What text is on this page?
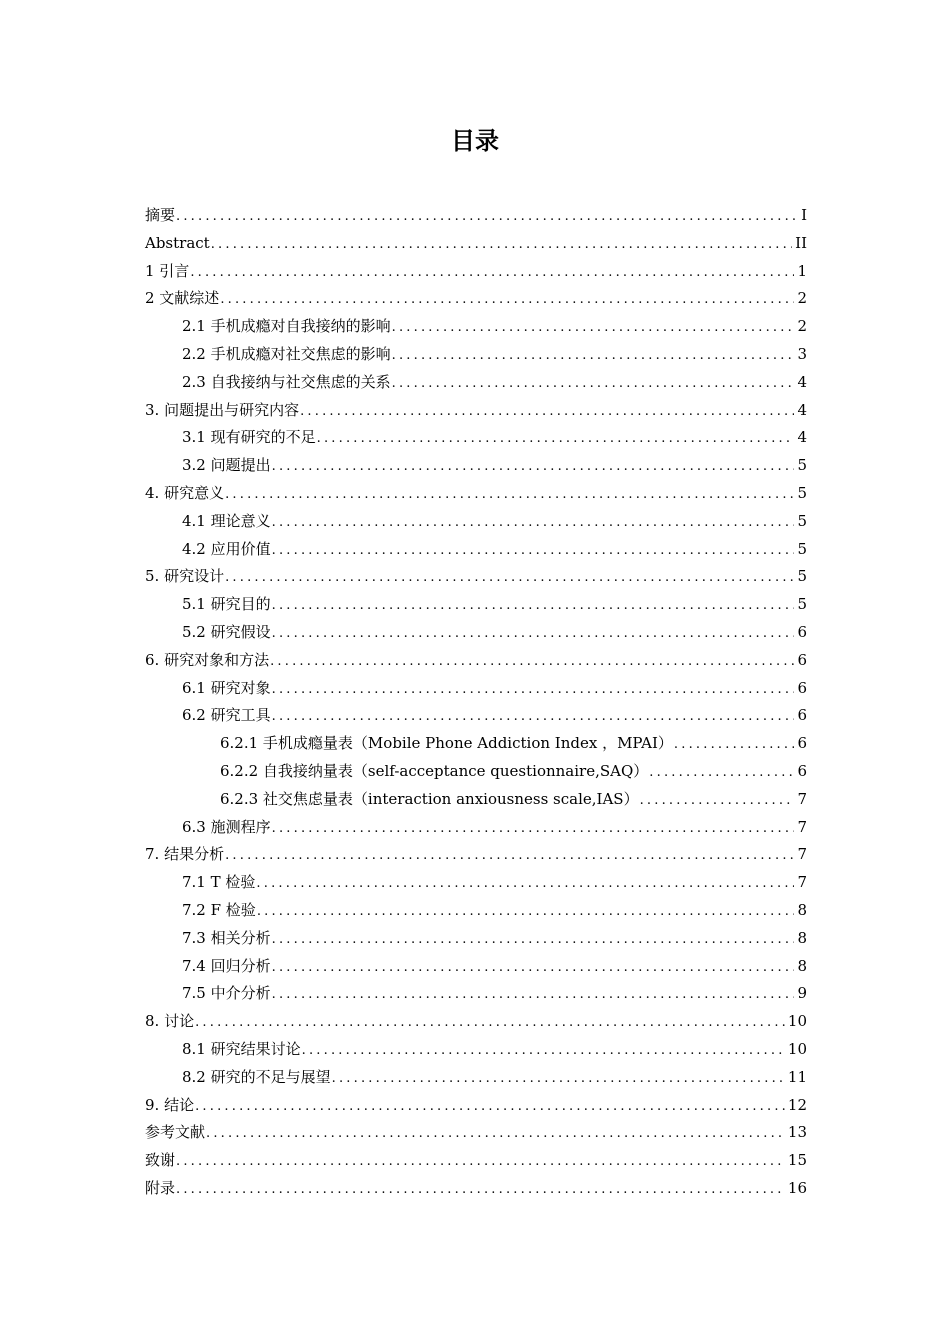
目录
摘要 .....	I
Abstract .....	II
1 引言 .....	1
2 文献综述 .....	2
2.1 手机成瘾对自我接纳的影响 .....	2
2.2 手机成瘾对社交焦虑的影响 .....	3
2.3 自我接纳与社交焦虑的关系 .....	4
3. 问题提出与研究内容 .....	4
3.1 现有研究的不足 .....	4
3.2 问题提出 .....	5
4. 研究意义 .....	5
4.1 理论意义 .....	5
4.2 应用价值 .....	5
5. 研究设计 .....	5
5.1 研究目的 .....	5
5.2 研究假设 .....	6
6. 研究对象和方法 .....	6
6.1 研究对象 .....	6
6.2 研究工具 .....	6
6.2.1 手机成瘾量表（Mobile Phone Addiction Index ，MPAI） .....	6
6.2.2 自我接纳量表（self-acceptance questionnaire,SAQ） .....	6
6.2.3 社交焦虑量表（interaction anxiousness scale,IAS） .....	7
6.3 施测程序 .....	7
7. 结果分析 .....	7
7.1 T 检验 .....	7
7.2 F 检验 .....	8
7.3 相关分析 .....	8
7.4 回归分析 .....	8
7.5 中介分析 .....	9
8. 讨论 .....	10
8.1 研究结果讨论 .....	10
8.2 研究的不足与展望 .....	11
9. 结论 .....	12
参考文献 .....	13
致谢 .....	15
附录 .....	16
